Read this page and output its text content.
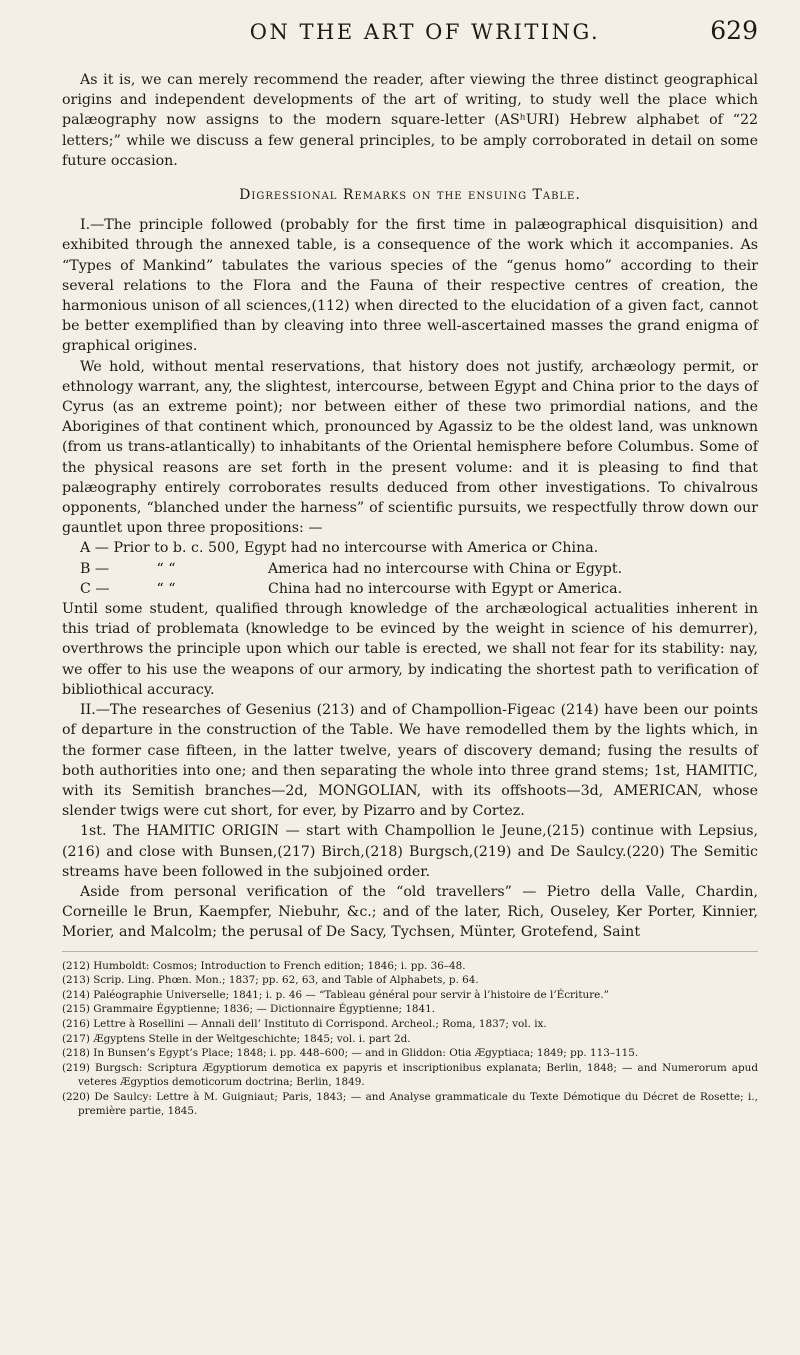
ON THE ART OF WRITING.	629

As it is, we can merely recommend the reader, after viewing the three distinct geographical origins and independent developments of the art of writing, to study well the place which palæography now assigns to the modern square-letter (ASʰURI) Hebrew alphabet of “22 letters;” while we discuss a few general principles, to be amply corroborated in detail on some future occasion.

Digressional Remarks on the ensuing Table.

I.—The principle followed (probably for the first time in palæographical disquisition) and exhibited through the annexed table, is a consequence of the work which it accompanies. As “Types of Mankind” tabulates the various species of the “genus homo” according to their several relations to the Flora and the Fauna of their respective centres of creation, the harmonious unison of all sciences,(112) when directed to the elucidation of a given fact, cannot be better exemplified than by cleaving into three well-ascertained masses the grand enigma of graphical origines.

We hold, without mental reservations, that history does not justify, archæology permit, or ethnology warrant, any, the slightest, intercourse, between Egypt and China prior to the days of Cyrus (as an extreme point); nor between either of these two primordial nations, and the Aborigines of that continent which, pronounced by Agassiz to be the oldest land, was unknown (from us trans-atlantically) to inhabitants of the Oriental hemisphere before Columbus. Some of the physical reasons are set forth in the present volume: and it is pleasing to find that palæography entirely corroborates results deduced from other investigations. To chivalrous opponents, “blanched under the harness” of scientific pursuits, we respectfully throw down our gauntlet upon three propositions: —

A — Prior to b. c. 500, Egypt had no intercourse with America or China.

B —	“ “	America had no intercourse with China or Egypt.

C —	“ “	China had no intercourse with Egypt or America.

Until some student, qualified through knowledge of the archæological actualities inherent in this triad of problemata (knowledge to be evinced by the weight in science of his demurrer), overthrows the principle upon which our table is erected, we shall not fear for its stability: nay, we offer to his use the weapons of our armory, by indicating the shortest path to verification of bibliothical accuracy.

II.—The researches of Gesenius (213) and of Champollion-Figeac (214) have been our points of departure in the construction of the Table. We have remodelled them by the lights which, in the former case fifteen, in the latter twelve, years of discovery demand; fusing the results of both authorities into one; and then separating the whole into three grand stems; 1st, HAMITIC, with its Semitish branches—2d, MONGOLIAN, with its offshoots—3d, AMERICAN, whose slender twigs were cut short, for ever, by Pizarro and by Cortez.

1st. The HAMITIC ORIGIN — start with Champollion le Jeune,(215) continue with Lepsius,(216) and close with Bunsen,(217) Birch,(218) Burgsch,(219) and De Saulcy.(220) The Semitic streams have been followed in the subjoined order.

Aside from personal verification of the “old travellers” — Pietro della Valle, Chardin, Corneille le Brun, Kaempfer, Niebuhr, &c.; and of the later, Rich, Ouseley, Ker Porter, Kinnier, Morier, and Malcolm; the perusal of De Sacy, Tychsen, Münter, Grotefend, Saint

(212) Humboldt: Cosmos; Introduction to French edition; 1846; i. pp. 36–48.

(213) Scrip. Ling. Phœn. Mon.; 1837; pp. 62, 63, and Table of Alphabets, p. 64.

(214) Paléographie Universelle; 1841; i. p. 46 — “Tableau général pour servir à l’histoire de l’Écriture.”

(215) Grammaire Égyptienne; 1836; — Dictionnaire Égyptienne; 1841.

(216) Lettre à Rosellini — Annali dell’ Instituto di Corrispond. Archeol.; Roma, 1837; vol. ix.

(217) Ægyptens Stelle in der Weltgeschichte; 1845; vol. i. part 2d.

(218) In Bunsen’s Egypt’s Place; 1848; i. pp. 448–600; — and in Gliddon: Otia Ægyptiaca; 1849; pp. 113–115.

(219) Burgsch: Scriptura Ægyptiorum demotica ex papyris et inscriptionibus explanata; Berlin, 1848; — and Numerorum apud veteres Ægyptios demoticorum doctrina; Berlin, 1849.

(220) De Saulcy: Lettre à M. Guigniaut; Paris, 1843; — and Analyse grammaticale du Texte Démotique du Décret de Rosette; i., première partie, 1845.
